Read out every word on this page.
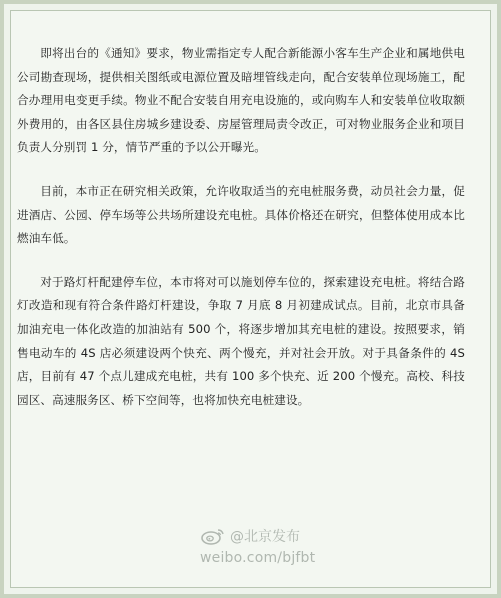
即将出台的《通知》要求，物业需指定专人配合新能源小客车生产企业和属地供电公司勘查现场，提供相关图纸或电源位置及暗埋管线走向，配合安装单位现场施工，配合办理用电变更手续。物业不配合安装自用充电设施的，或向购车人和安装单位收取额外费用的，由各区县住房城乡建设委、房屋管理局责令改正，可对物业服务企业和项目负责人分别罚 1 分，情节严重的予以公开曝光。

目前，本市正在研究相关政策，允许收取适当的充电桩服务费，动员社会力量，促进酒店、公园、停车场等公共场所建设充电桩。具体价格还在研究，但整体使用成本比燃油车低。

对于路灯杆配建停车位，本市将对可以施划停车位的，探索建设充电桩。将结合路灯改造和现有符合条件路灯杆建设，争取 7 月底 8 月初建成试点。目前，北京市具备加油充电一体化改造的加油站有 500 个，将逐步增加其充电桩的建设。按照要求，销售电动车的 4S 店必须建设两个快充、两个慢充，并对社会开放。对于具备条件的 4S 店，目前有 47 个点儿建成充电桩，共有 100 多个快充、近 200 个慢充。高校、科技园区、高速服务区、桥下空间等，也将加快充电桩建设。

@北京发布
weibo.com/bjfbt
